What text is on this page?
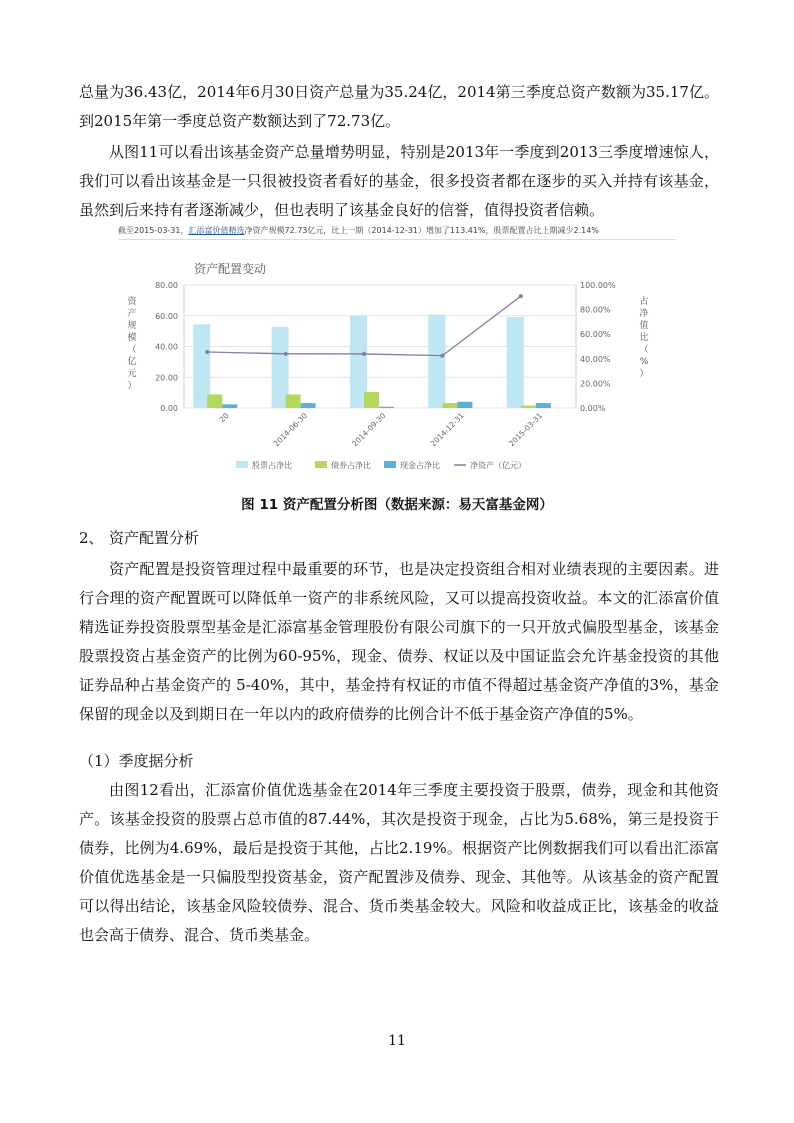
总量为36.43亿，2014年6月30日资产总量为35.24亿，2014第三季度总资产数额为35.17亿。到2015年第一季度总资产数额达到了72.73亿。

从图11可以看出该基金资产总量增势明显，特别是2013年一季度到2013三季度增速惊人，我们可以看出该基金是一只很被投资者看好的基金，很多投资者都在逐步的买入并持有该基金，虽然到后来持有者逐渐减少，但也表明了该基金良好的信誉，值得投资者信赖。

截至2015-03-31，汇添富价值精选净资产规模72.73亿元，比上一期（2014-12-31）增加了113.41%，股票配置占比上期减少2.14%
资产配置变动
0.00
20.00
40.00
60.00
80.00
0.00%
20.00%
40.00%
60.00%
80.00%
100.00%
资
产
规
模
（
亿
元
）
占
净
值
比
（
%
）
20	2014-06-30	2014-09-30	2014-12-31	2015-03-31
股票占净比	债券占净比	现金占净比	净资产（亿元）
图 11 资产配置分析图（数据来源：易天富基金网）
2、 资产配置分析

资产配置是投资管理过程中最重要的环节，也是决定投资组合相对业绩表现的主要因素。进行合理的资产配置既可以降低单一资产的非系统风险，又可以提高投资收益。本文的汇添富价值精选证券投资股票型基金是汇添富基金管理股份有限公司旗下的一只开放式偏股型基金，该基金股票投资占基金资产的比例为60-95%，现金、债券、权证以及中国证监会允许基金投资的其他证券品种占基金资产的 5-40%，其中，基金持有权证的市值不得超过基金资产净值的3%，基金保留的现金以及到期日在一年以内的政府债券的比例合计不低于基金资产净值的5%。

（1）季度据分析

由图12看出，汇添富价值优选基金在2014年三季度主要投资于股票，债券，现金和其他资产。该基金投资的股票占总市值的87.44%，其次是投资于现金，占比为5.68%，第三是投资于债券，比例为4.69%，最后是投资于其他，占比2.19%。根据资产比例数据我们可以看出汇添富价值优选基金是一只偏股型投资基金，资产配置涉及债券、现金、其他等。从该基金的资产配置可以得出结论，该基金风险较债券、混合、货币类基金较大。风险和收益成正比，该基金的收益也会高于债券、混合、货币类基金。

11
